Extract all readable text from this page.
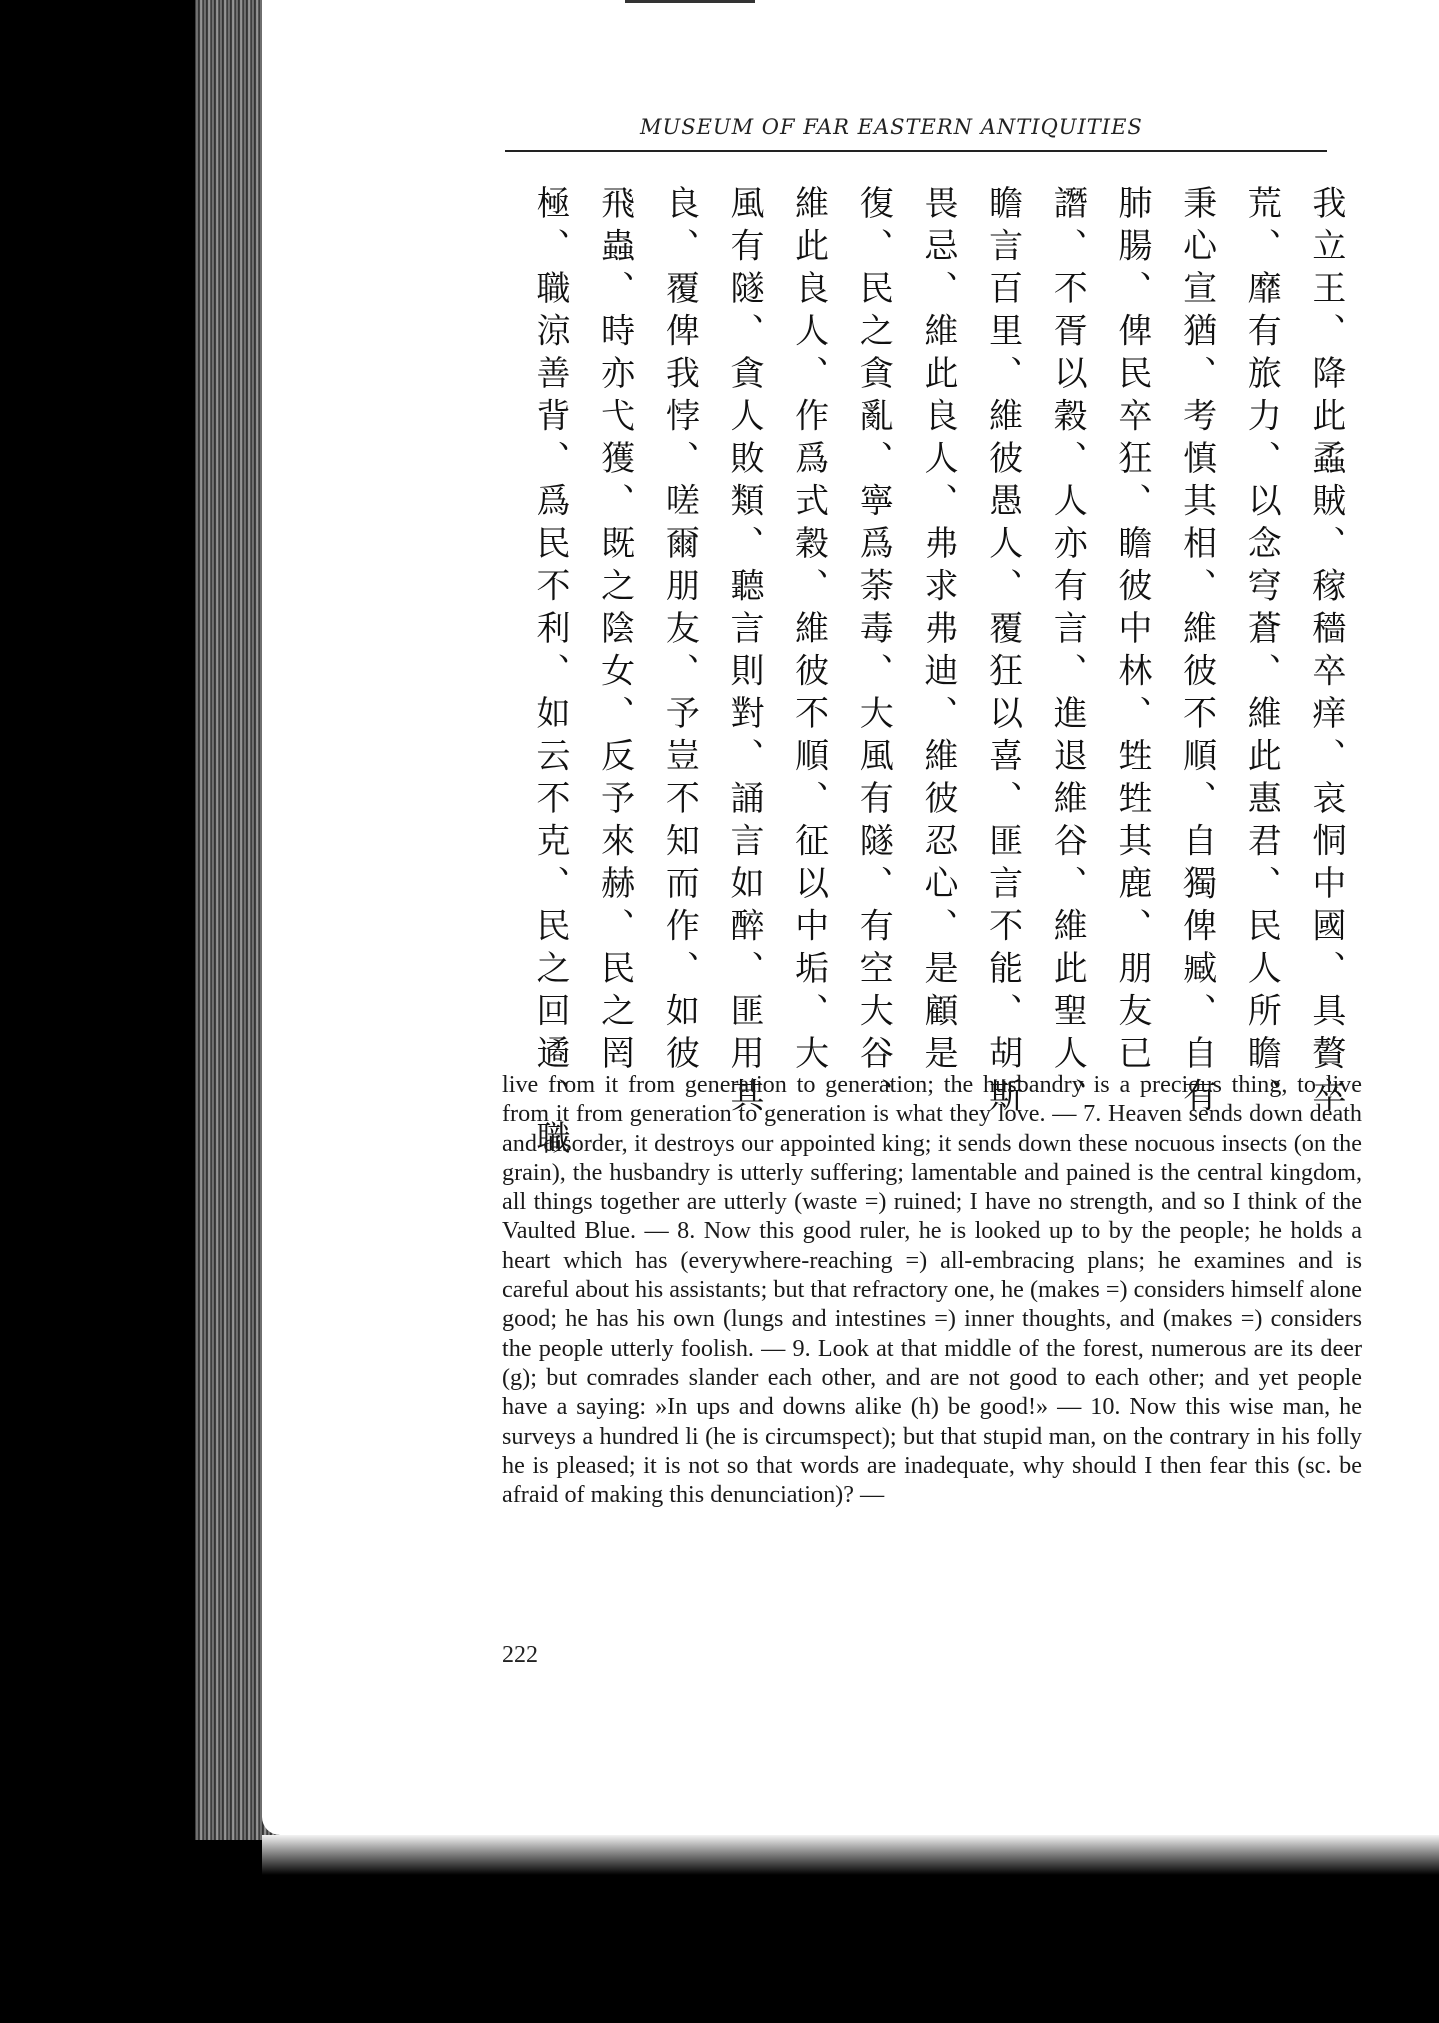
MUSEUM OF FAR EASTERN ANTIQUITIES
我立王、降此蟊賊、稼穡卒痒、哀恫中國、具贅卒
荒、靡有旅力、以念穹蒼、維此惠君、民人所瞻、
秉心宣猶、考慎其相、維彼不順、自獨俾臧、自有
肺腸、俾民卒狂、瞻彼中林、甡甡其鹿、朋友已
譖、不胥以穀、人亦有言、進退維谷、維此聖人、
瞻言百里、維彼愚人、覆狂以喜、匪言不能、胡斯
畏忌、維此良人、弗求弗迪、維彼忍心、是顧是
復、民之貪亂、寧爲荼毒、大風有隧、有空大谷、
維此良人、作爲式穀、維彼不順、征以中垢、大
風有隧、貪人敗類、聽言則對、誦言如醉、匪用其
良、覆俾我悖、嗟爾朋友、予豈不知而作、如彼
飛蟲、時亦弋獲、既之陰女、反予來赫、民之罔
極、職涼善背、爲民不利、如云不克、民之回遹、職

live from it from generation to generation; the husbandry is a precious thing, to live from it from generation to generation is what they love. — 7. Heaven sends down death and disorder, it destroys our appointed king; it sends down these nocuous insects (on the grain), the husbandry is utterly suffering; lamentable and pained is the central kingdom, all things together are utterly (waste =) ruined; I have no strength, and so I think of the Vaulted Blue. — 8. Now this good ruler, he is looked up to by the people; he holds a heart which has (everywhere-reaching =) all-embracing plans; he examines and is careful about his assistants; but that refractory one, he (makes =) considers himself alone good; he has his own (lungs and intestines =) inner thoughts, and (makes =) considers the people utterly foolish. — 9. Look at that middle of the forest, numerous are its deer (g); but comrades slander each other, and are not good to each other; and yet people have a saying: »In ups and downs alike (h) be good!» — 10. Now this wise man, he surveys a hundred li (he is circumspect); but that stupid man, on the contrary in his folly he is pleased; it is not so that words are inadequate, why should I then fear this (sc. be afraid of making this denunciation)? —

222
